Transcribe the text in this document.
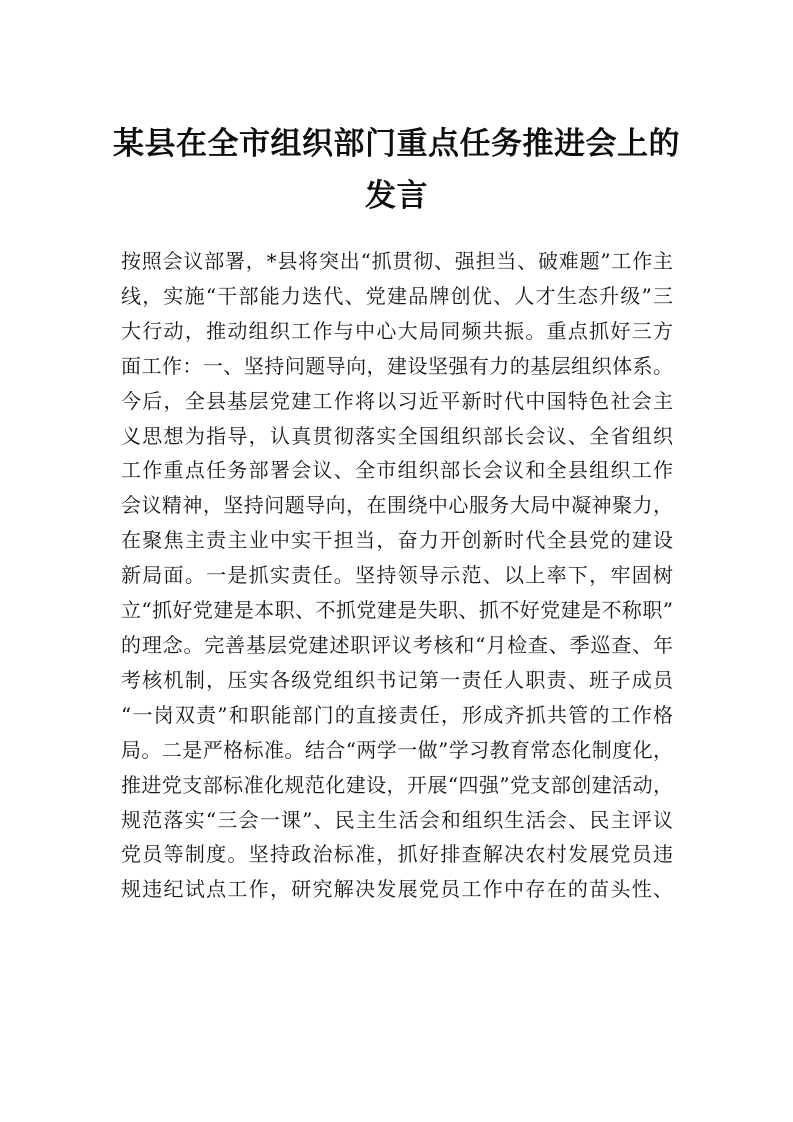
某县在全市组织部门重点任务推进会上的
发言
按照会议部署，*县将突出“抓贯彻、强担当、破难题”工作主
线，实施“干部能力迭代、党建品牌创优、人才生态升级”三
大行动，推动组织工作与中心大局同频共振。重点抓好三方
面工作：一、坚持问题导向，建设坚强有力的基层组织体系。
今后，全县基层党建工作将以习近平新时代中国特色社会主
义思想为指导，认真贯彻落实全国组织部长会议、全省组织
工作重点任务部署会议、全市组织部长会议和全县组织工作
会议精神，坚持问题导向，在围绕中心服务大局中凝神聚力，
在聚焦主责主业中实干担当，奋力开创新时代全县党的建设
新局面。一是抓实责任。坚持领导示范、以上率下，牢固树
立“抓好党建是本职、不抓党建是失职、抓不好党建是不称职”
的理念。完善基层党建述职评议考核和“月检查、季巡查、年
考核机制，压实各级党组织书记第一责任人职责、班子成员
“一岗双责”和职能部门的直接责任，形成齐抓共管的工作格
局。二是严格标准。结合“两学一做”学习教育常态化制度化，
推进党支部标准化规范化建设，开展“四强”党支部创建活动，
规范落实“三会一课”、民主生活会和组织生活会、民主评议
党员等制度。坚持政治标准，抓好排查解决农村发展党员违
规违纪试点工作，研究解决发展党员工作中存在的苗头性、
